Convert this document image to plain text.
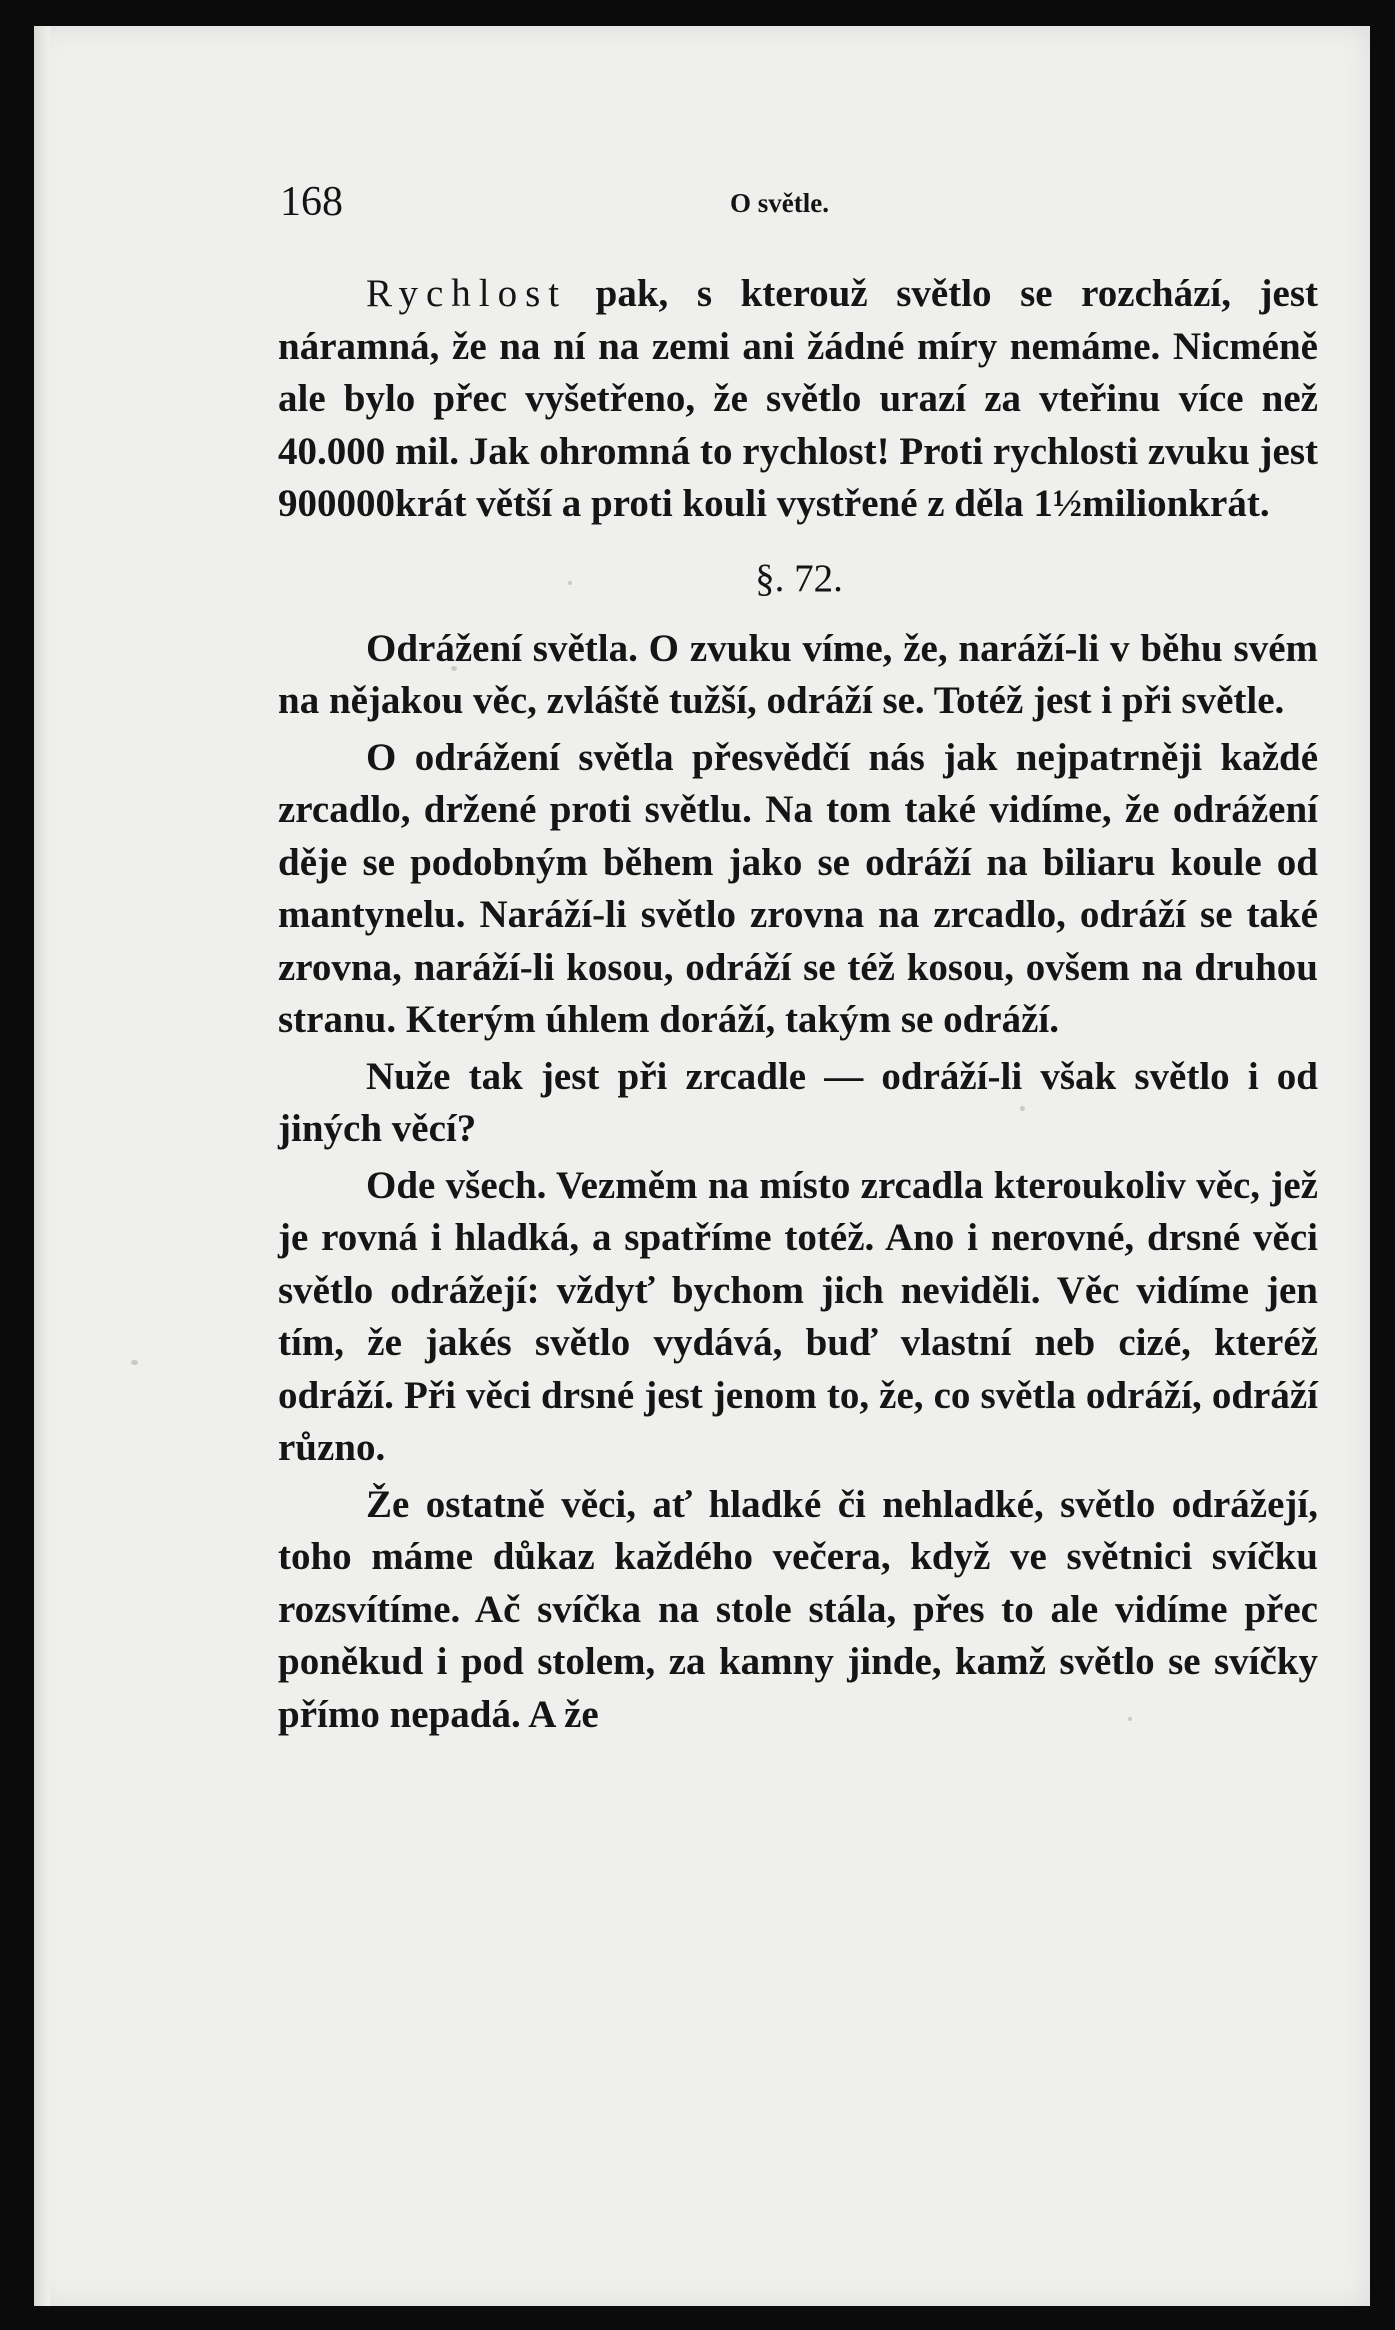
168	O světle.

Rychlost pak, s kterouž světlo se rozchází, jest náramná, že na ní na zemi ani žádné míry nemáme. Nicméně ale bylo přec vyšetřeno, že světlo urazí za vteřinu více než 40.000 mil. Jak ohromná to rychlost! Proti rychlosti zvuku jest 900000krát větší a proti kouli vystřené z děla 1½milionkrát.

§. 72.

Odrážení světla. O zvuku víme, že, naráží-li v běhu svém na nějakou věc, zvláště tužší, odráží se. Totéž jest i při světle.

O odrážení světla přesvědčí nás jak nejpatrněji každé zrcadlo, držené proti světlu. Na tom také vidíme, že odrážení děje se podobným během jako se odráží na biliaru koule od mantynelu. Naráží-li světlo zrovna na zrcadlo, odráží se také zrovna, naráží-li kosou, odráží se též kosou, ovšem na druhou stranu. Kterým úhlem doráží, takým se odráží.

Nuže tak jest při zrcadle — odráží-li však světlo i od jiných věcí?

Ode všech. Vezměm na místo zrcadla kteroukoliv věc, jež je rovná i hladká, a spatříme totéž. Ano i nerovné, drsné věci světlo odrážejí: vždyť bychom jich neviděli. Věc vidíme jen tím, že jakés světlo vydává, buď vlastní neb cizé, kteréž odráží. Při věci drsné jest jenom to, že, co světla odráží, odráží různo.

Že ostatně věci, ať hladké či nehladké, světlo odrážejí, toho máme důkaz každého večera, když ve světnici svíčku rozsvítíme. Ač svíčka na stole stála, přes to ale vidíme přec poněkud i pod stolem, za kamny jinde, kamž světlo se svíčky přímo nepadá. A že
